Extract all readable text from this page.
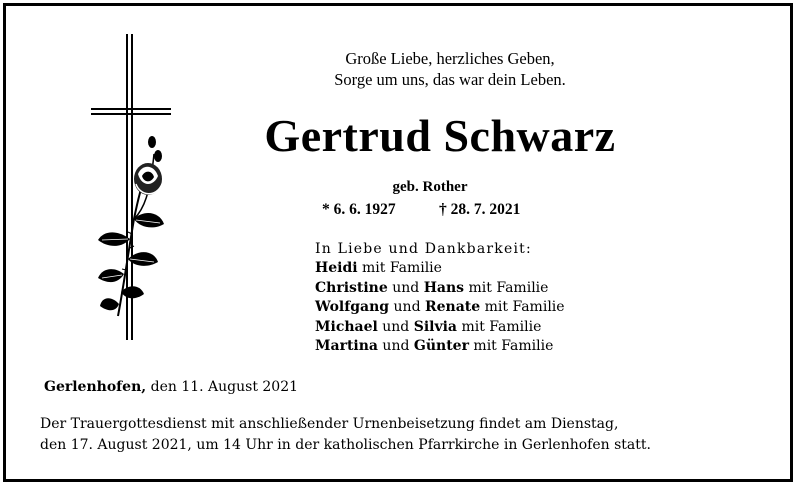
Große Liebe, herzliches Geben,
Sorge um uns, das war dein Leben.
Gertrud Schwarz
geb. Rother
* 6. 6. 1927	† 28. 7. 2021
In Liebe und Dankbarkeit:
Heidi mit Familie
Christine und Hans mit Familie
Wolfgang und Renate mit Familie
Michael und Silvia mit Familie
Martina und Günter mit Familie
Gerlenhofen, den 11. August 2021
Der Trauergottesdienst mit anschließender Urnenbeisetzung findet am Dienstag,
den 17. August 2021, um 14 Uhr in der katholischen Pfarrkirche in Gerlenhofen statt.
